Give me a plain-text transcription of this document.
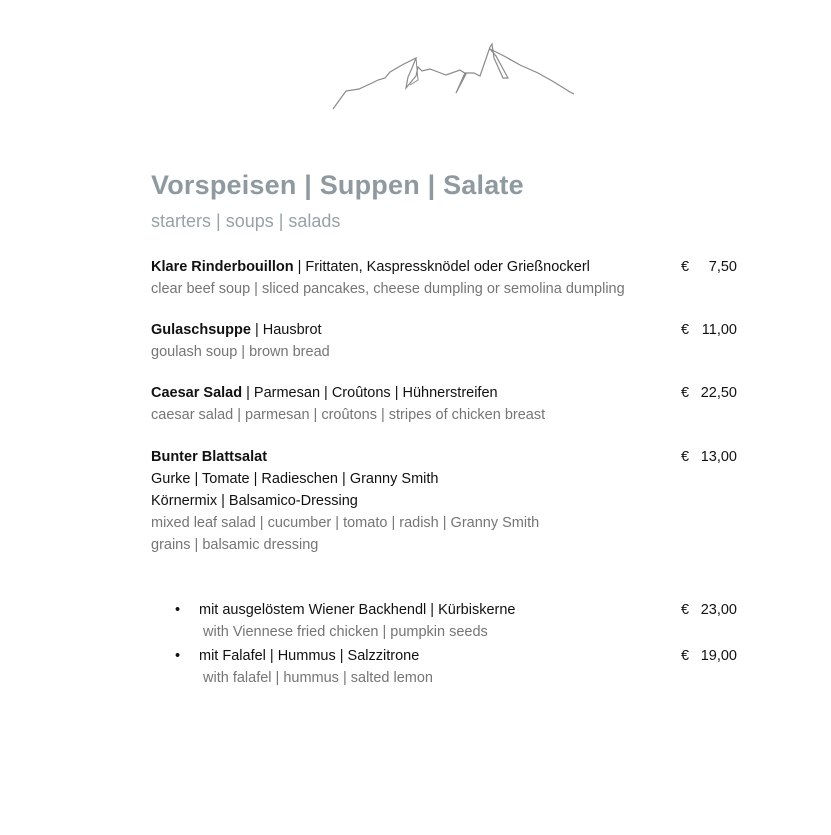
Vorspeisen | Suppen | Salate
starters | soups | salads
Klare Rinderbouillon | Frittaten, Kaspressknödel oder Grießnockerl
clear beef soup | sliced pancakes, cheese dumpling or semolina dumpling
€ 7,50
Gulaschsuppe | Hausbrot
goulash soup | brown bread
€ 11,00
Caesar Salad | Parmesan | Croûtons | Hühnerstreifen
caesar salad | parmesan | croûtons | stripes of chicken breast
€ 22,50
Bunter Blattsalat
Gurke | Tomate | Radieschen | Granny Smith
Körnermix | Balsamico-Dressing
mixed leaf salad | cucumber | tomato | radish | Granny Smith
grains | balsamic dressing
€ 13,00
• mit ausgelöstem Wiener Backhendl | Kürbiskerne
with Viennese fried chicken | pumpkin seeds
€ 23,00
• mit Falafel | Hummus | Salzzitrone
with falafel | hummus | salted lemon
€ 19,00
